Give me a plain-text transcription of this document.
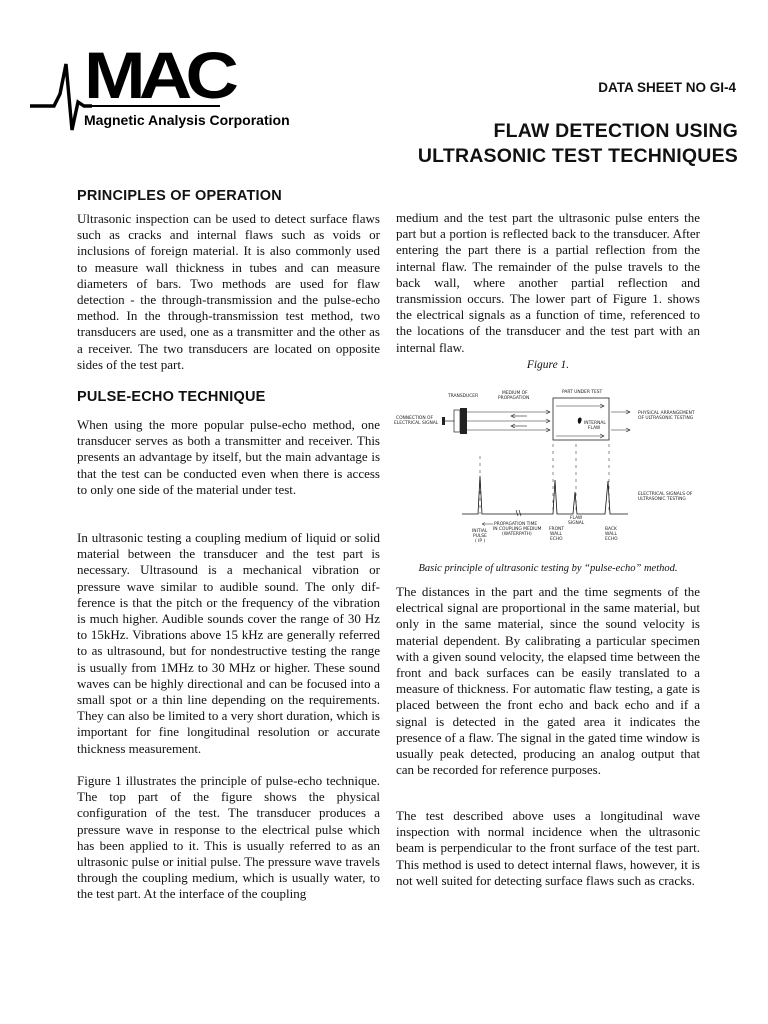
MAC
Magnetic Analysis Corporation
DATA SHEET NO GI-4
FLAW DETECTION USING
ULTRASONIC TEST TECHNIQUES
PRINCIPLES OF OPERATION

Ultrasonic inspection can be used to detect surface flaws such as cracks and internal flaws such as voids or inclusions of foreign material. It is also commonly used to measure wall thickness in tubes and can measure diameters of bars. Two methods are used for flaw detection - the through-transmission and the pulse-echo method. In the through-transmission test method, two transducers are used, one as a transmitter and the other as a receiver. The two transducers are located on opposite sides of the test part.

PULSE-ECHO TECHNIQUE

When using the more popular pulse-echo method, one transducer serves as both a transmitter and receiver. This presents an advantage by itself, but the main advantage is that the test can be conducted even when there is access to only one side of the material under test.

In ultrasonic testing a coupling medium of liquid or solid material between the transducer and the test part is necessary. Ultrasound is a mechanical vibration or pressure wave similar to audible sound. The only difference is that the pitch or the frequency of the vibration is much higher. Audible sounds cover the range of 30 Hz to 15kHz. Vibrations above 15 kHz are generally referred to as ultrasound, but for nondestructive testing the range is usually from 1MHz to 30 MHz or higher. These sound waves can be highly directional and can be focused into a small spot or a thin line depending on the requirements. They can also be limited to a very short duration, which is important for fine longitudinal resolution or accurate thickness measurement.

Figure 1 illustrates the principle of pulse-echo technique. The top part of the figure shows the physical configuration of the test. The transducer produces a pressure wave in response to the electrical pulse which has been applied to it. This is usually referred to as an ultrasonic pulse or initial pulse. The pressure wave travels through the coupling medium, which is usually water, to the test part. At the interface of the coupling

medium and the test part the ultrasonic pulse enters the part but a portion is reflected back to the transducer. After entering the part there is a partial reflection from the internal flaw. The remainder of the pulse travels to the back wall, where another partial reflection and transmission occurs. The lower part of Figure 1. shows the electrical signals as a function of time, referenced to the locations of the transducer and the test part with an internal flaw.

Figure 1.
TRANSDUCER
MEDIUM OF
PROPAGATION
PART UNDER TEST
CONNECTION OF
ELECTRICAL SIGNAL	INTERNAL
FLAW
PHYSICAL ARRANGEMENT
OF ULTRASONIC TESTING
ELECTRICAL SIGNALS OF
ULTRASONIC TESTING
PROPAGATION TIME
IN COUPLING MEDIUM
(WATERPATH)
INITIAL
PULSE
( IP )
FRONT
WALL
ECHO
FLAW
SIGNAL
BACK
WALL
ECHO
Basic principle of ultrasonic testing by “pulse-echo” method.

The distances in the part and the time segments of the electrical signal are proportional in the same material, but only in the same material, since the sound velocity is material dependent. By calibrating a particular specimen with a given sound velocity, the elapsed time between the front and back surfaces can be easily translated to a measure of thickness. For automatic flaw testing, a gate is placed between the front echo and back echo and if a signal is detected in the gated area it indicates the presence of a flaw. The signal in the gated time window is usually peak detected, producing an analog output that can be recorded for reference purposes.

The test described above uses a longitudinal wave inspection with normal incidence when the ultrasonic beam is perpendicular to the front surface of the test part. This method is used to detect internal flaws, however, it is not well suited for detecting surface flaws such as cracks.
